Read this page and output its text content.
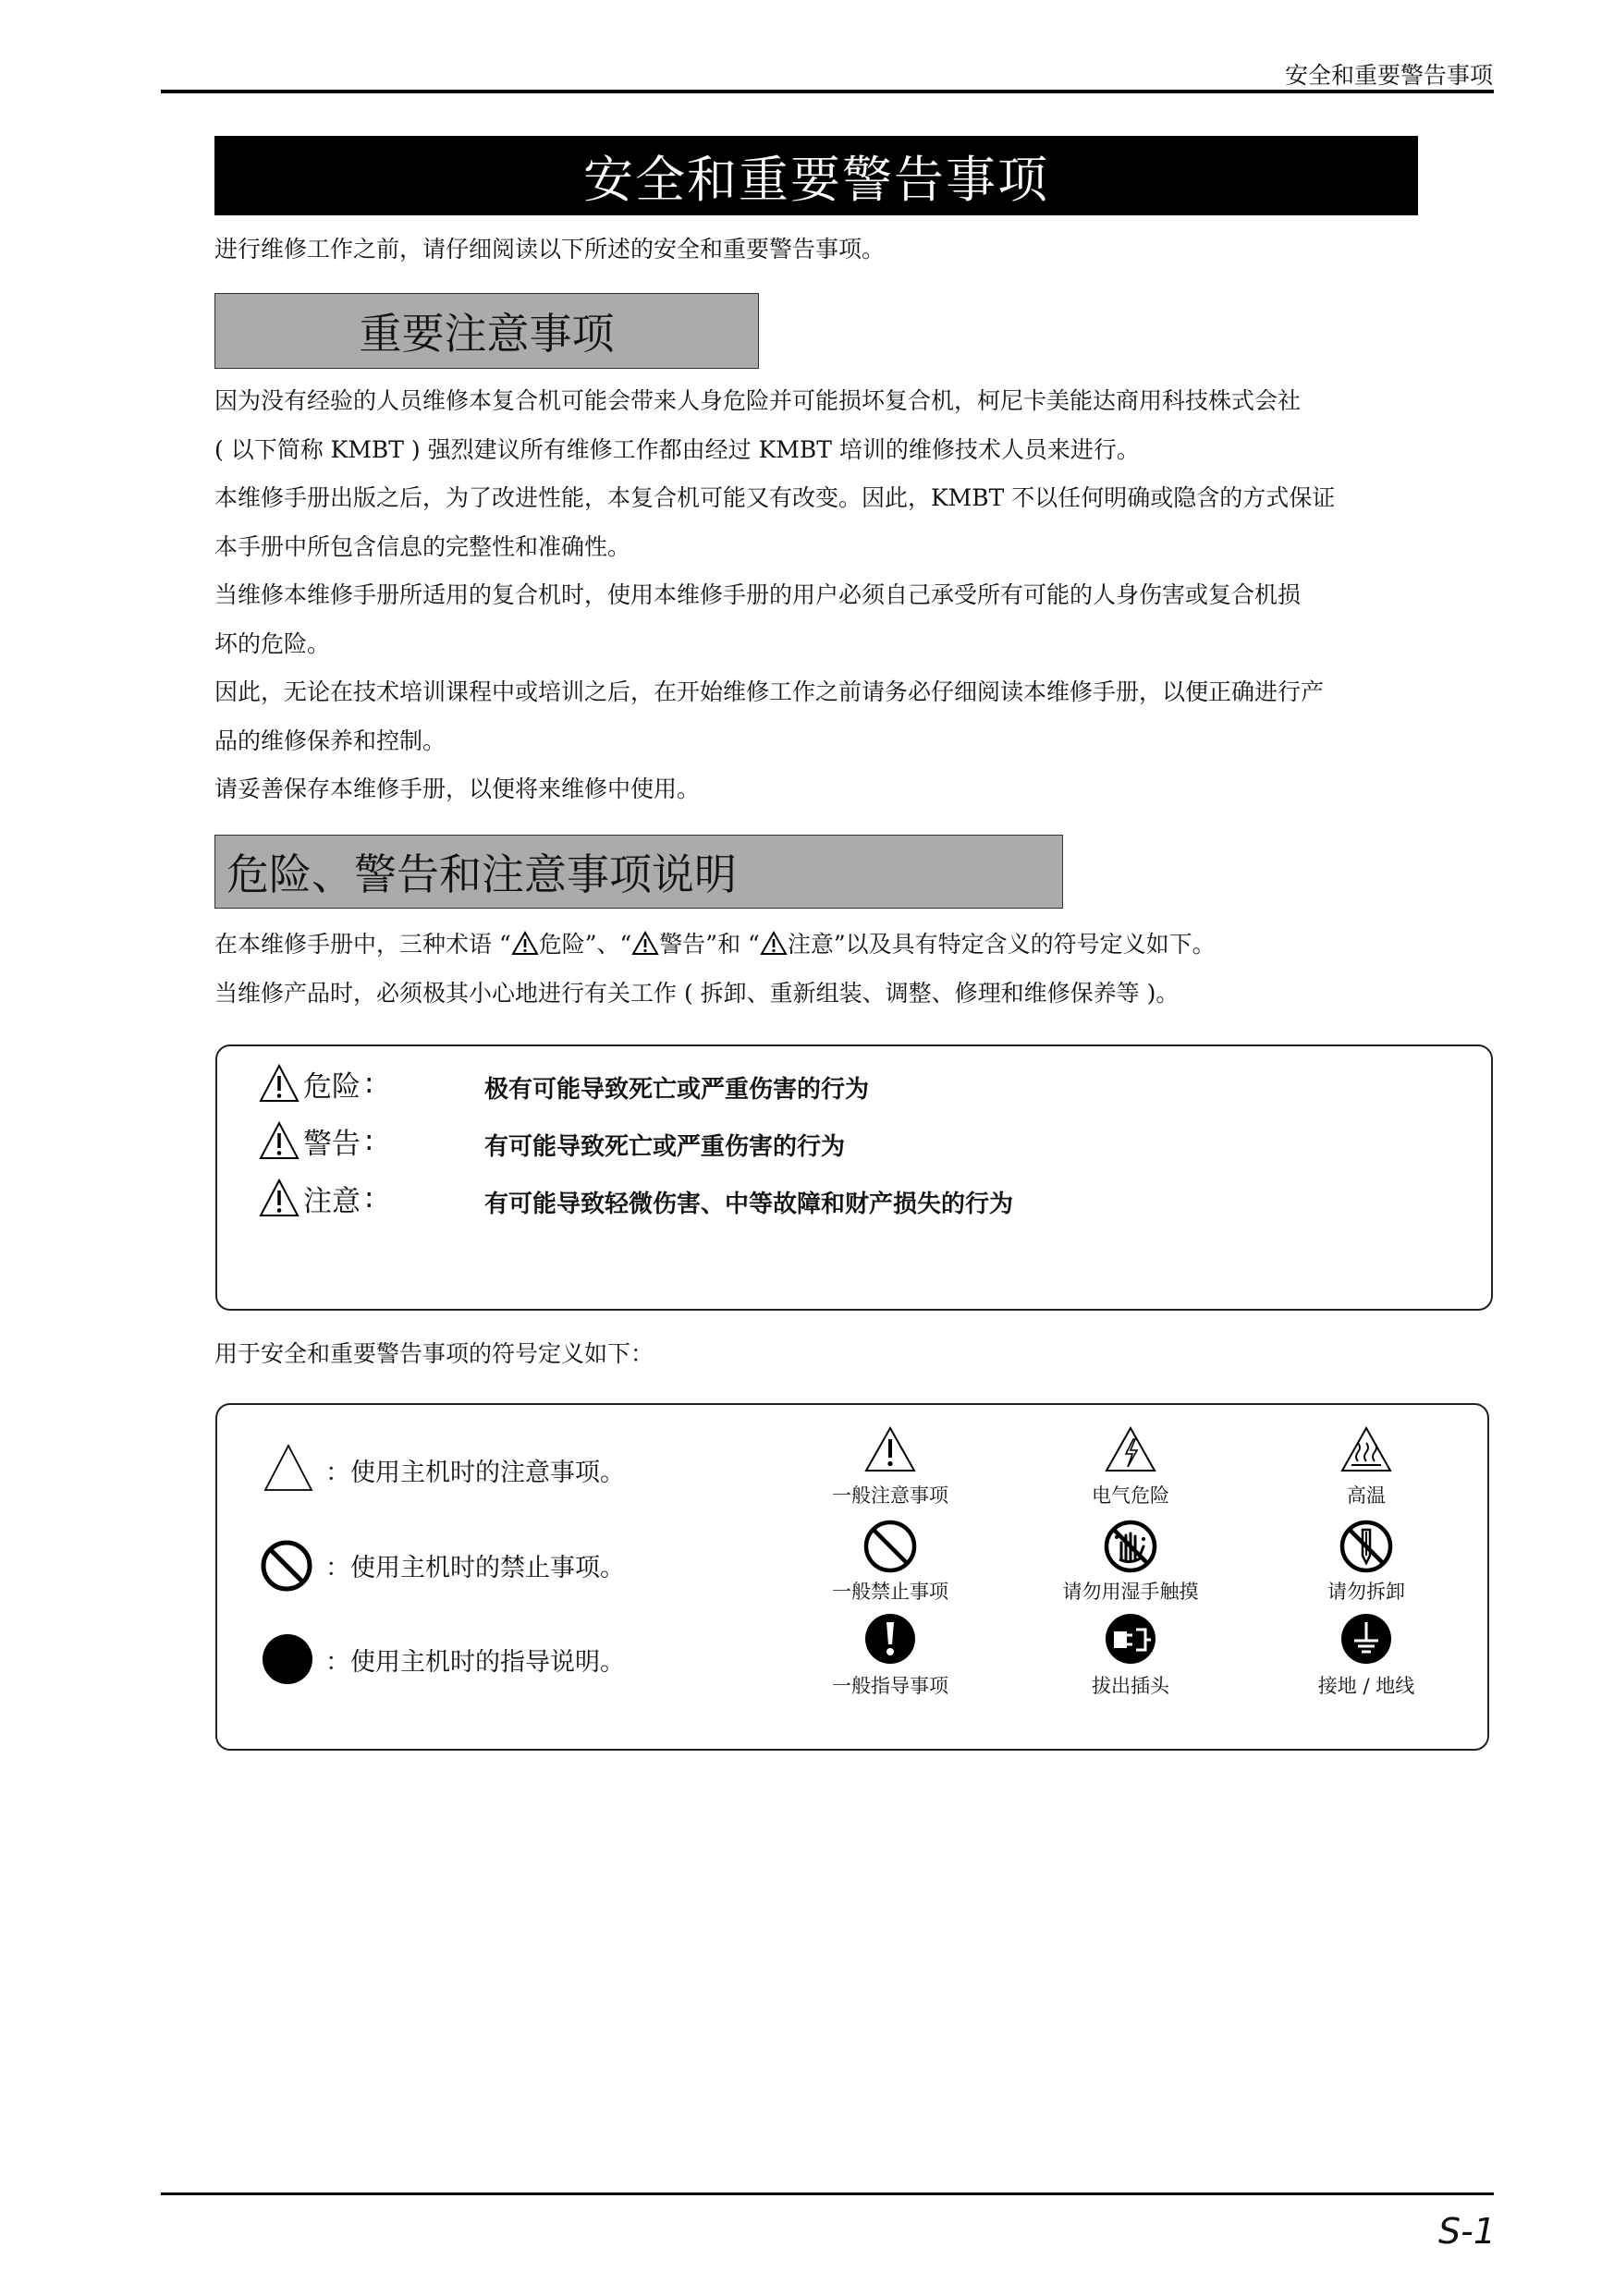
安全和重要警告事项
安全和重要警告事项
进行维修工作之前，请仔细阅读以下所述的安全和重要警告事项。
重要注意事项
因为没有经验的人员维修本复合机可能会带来人身危险并可能损坏复合机，柯尼卡美能达商用科技株式会社
( 以下简称 KMBT ) 强烈建议所有维修工作都由经过 KMBT 培训的维修技术人员来进行。
本维修手册出版之后，为了改进性能，本复合机可能又有改变。因此，KMBT 不以任何明确或隐含的方式保证
本手册中所包含信息的完整性和准确性。
当维修本维修手册所适用的复合机时，使用本维修手册的用户必须自己承受所有可能的人身伤害或复合机损
坏的危险。
因此，无论在技术培训课程中或培训之后，在开始维修工作之前请务必仔细阅读本维修手册，以便正确进行产
品的维修保养和控制。
请妥善保存本维修手册，以便将来维修中使用。
危险、警告和注意事项说明
在本维修手册中，三种术语 “ 危险”、“ 警告”和 “ 注意”以及具有特定含义的符号定义如下。
当维修产品时，必须极其小心地进行有关工作 ( 拆卸、重新组装、调整、修理和维修保养等 )。
危险 :	极有可能导致死亡或严重伤害的行为
警告 :	有可能导致死亡或严重伤害的行为
注意 :	有可能导致轻微伤害、中等故障和财产损失的行为
用于安全和重要警告事项的符号定义如下：
：使用主机时的注意事项。
：使用主机时的禁止事项。
：使用主机时的指导说明。
一般注意事项	电气危险	高温
一般禁止事项	请勿用湿手触摸	请勿拆卸
一般指导事项	拔出插头	接地 / 地线
S-1
